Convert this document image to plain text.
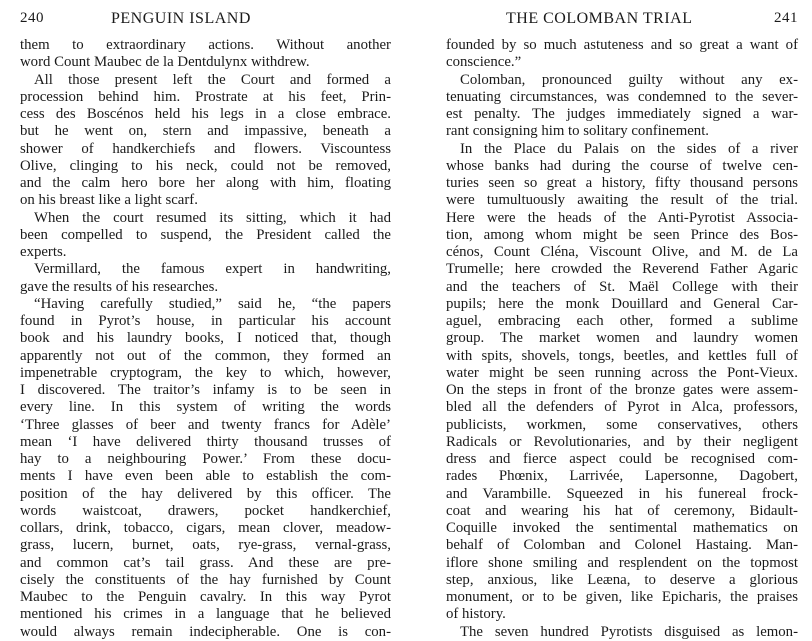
240	PENGUIN ISLAND

them to extraordinary actions. Without another
word Count Maubec de la Dentdulynx withdrew.

All those present left the Court and formed a
procession behind him. Prostrate at his feet, Prin-
cess des Boscénos held his legs in a close embrace.
but he went on, stern and impassive, beneath a
shower of handkerchiefs and flowers. Viscountess
Olive, clinging to his neck, could not be removed,
and the calm hero bore her along with him, floating
on his breast like a light scarf.

When the court resumed its sitting, which it had
been compelled to suspend, the President called the
experts.

Vermillard, the famous expert in handwriting,
gave the results of his researches.

“Having carefully studied,” said he, “the papers
found in Pyrot’s house, in particular his account
book and his laundry books, I noticed that, though
apparently not out of the common, they formed an
impenetrable cryptogram, the key to which, however,
I discovered. The traitor’s infamy is to be seen in
every line. In this system of writing the words
‘Three glasses of beer and twenty francs for Adèle’
mean ‘I have delivered thirty thousand trusses of
hay to a neighbouring Power.’ From these docu-
ments I have even been able to establish the com-
position of the hay delivered by this officer. The
words waistcoat, drawers, pocket handkerchief,
collars, drink, tobacco, cigars, mean clover, meadow-
grass, lucern, burnet, oats, rye-grass, vernal-grass,
and common cat’s tail grass. And these are pre-
cisely the constituents of the hay furnished by Count
Maubec to the Penguin cavalry. In this way Pyrot
mentioned his crimes in a language that he believed
would always remain indecipherable. One is con-

THE COLOMBAN TRIAL	241

founded by so much astuteness and so great a want of
conscience.”

Colomban, pronounced guilty without any ex-
tenuating circumstances, was condemned to the sever-
est penalty. The judges immediately signed a war-
rant consigning him to solitary confinement.

In the Place du Palais on the sides of a river
whose banks had during the course of twelve cen-
turies seen so great a history, fifty thousand persons
were tumultuously awaiting the result of the trial.
Here were the heads of the Anti-Pyrotist Associa-
tion, among whom might be seen Prince des Bos-
cénos, Count Cléna, Viscount Olive, and M. de La
Trumelle; here crowded the Reverend Father Agaric
and the teachers of St. Maël College with their
pupils; here the monk Douillard and General Car-
aguel, embracing each other, formed a sublime
group. The market women and laundry women
with spits, shovels, tongs, beetles, and kettles full of
water might be seen running across the Pont-Vieux.
On the steps in front of the bronze gates were assem-
bled all the defenders of Pyrot in Alca, professors,
publicists, workmen, some conservatives, others
Radicals or Revolutionaries, and by their negligent
dress and fierce aspect could be recognised com-
rades Phœnix, Larrivée, Lapersonne, Dagobert,
and Varambille. Squeezed in his funereal frock-
coat and wearing his hat of ceremony, Bidault-
Coquille invoked the sentimental mathematics on
behalf of Colomban and Colonel Hastaing. Man-
iflore shone smiling and resplendent on the topmost
step, anxious, like Leæna, to deserve a glorious
monument, or to be given, like Epicharis, the praises
of history.

The seven hundred Pyrotists disguised as lemon-
